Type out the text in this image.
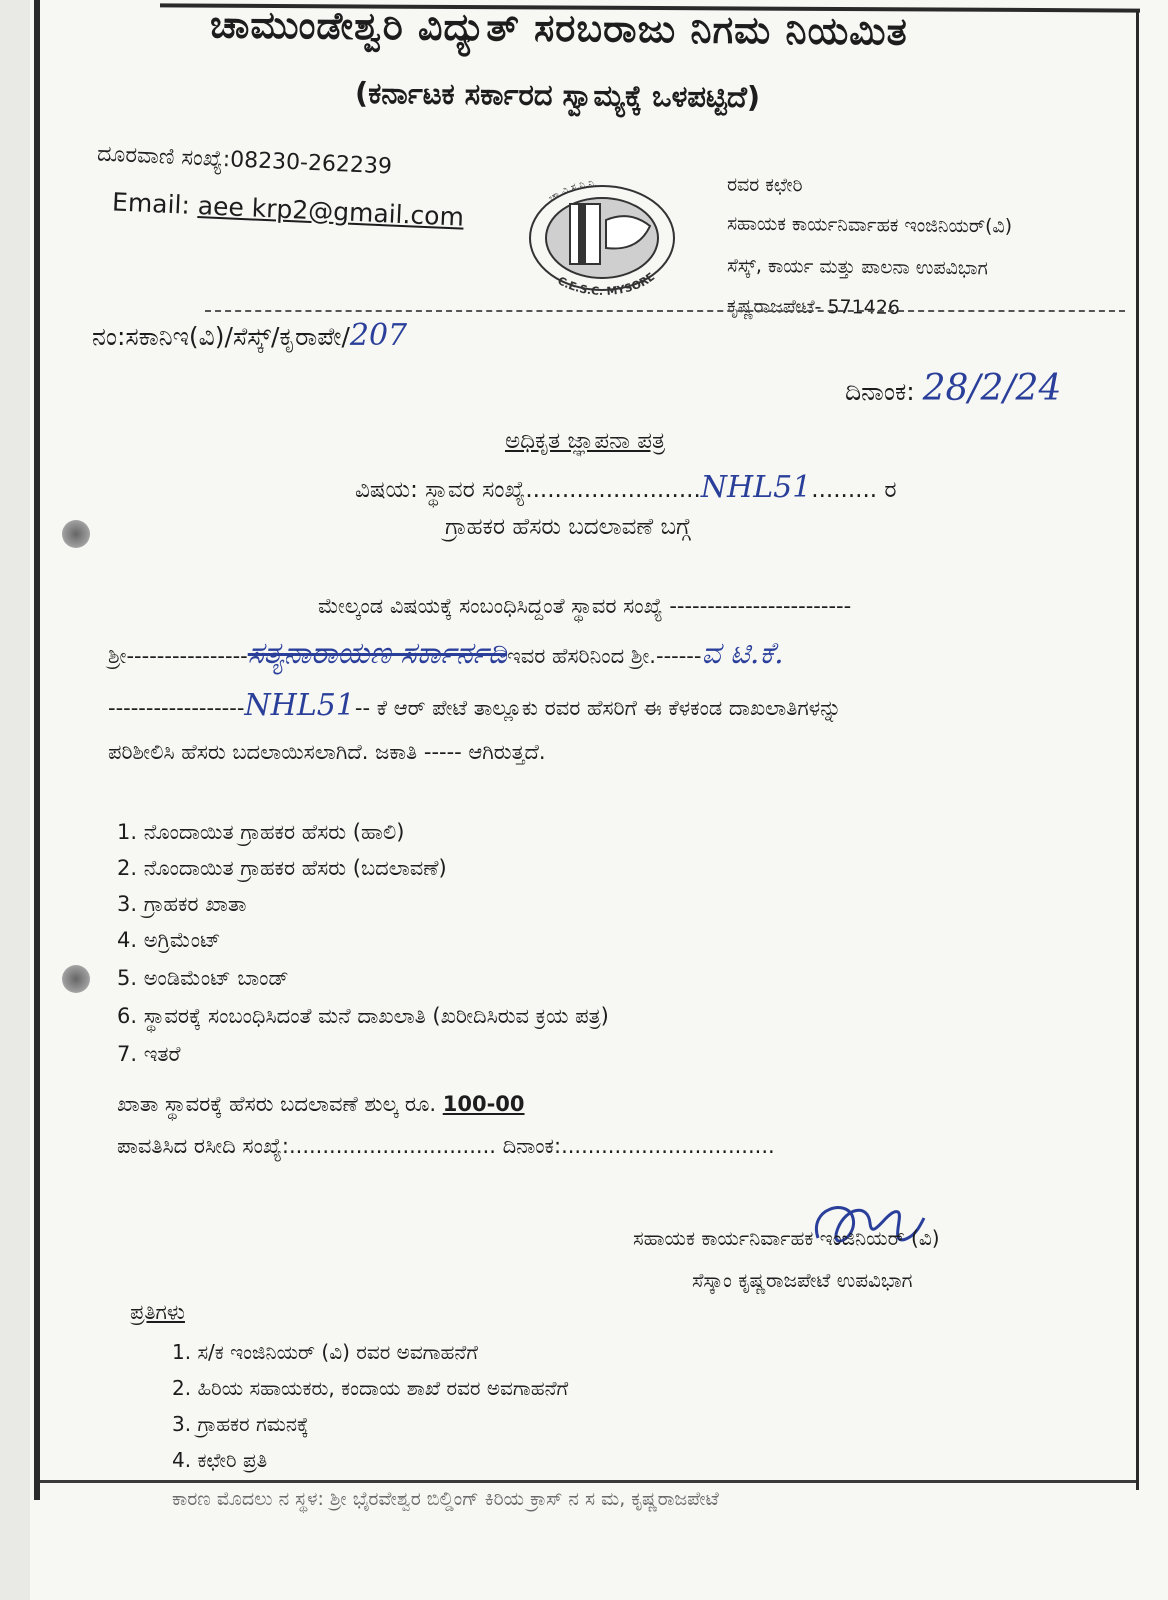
ಚಾಮುಂಡೇಶ್ವರಿ ವಿದ್ಯುತ್ ಸರಬರಾಜು ನಿಗಮ ನಿಯಮಿತ
(ಕರ್ನಾಟಕ ಸರ್ಕಾರದ ಸ್ವಾಮ್ಯಕ್ಕೆ ಒಳಪಟ್ಟಿದೆ)
ದೂರವಾಣಿ ಸಂಖ್ಯೆ:08230-262239
Email: aee krp2@gmail.com	ಚಾ.ವಿ.ಸ.ನಿ.ನಿ.
C.E.S.C. MYSORE
ರವರ ಕಛೇರಿ
ಸಹಾಯಕ ಕಾರ್ಯನಿರ್ವಾಹಕ ಇಂಜಿನಿಯರ್(ವಿ)
ಸೆಸ್ಕ್, ಕಾರ್ಯ ಮತ್ತು ಪಾಲನಾ ಉಪವಿಭಾಗ
ಕೃಷ್ಣರಾಜಪೇಟೆ- 571426
ನಂ:ಸಕಾನಿಇ(ವಿ)/ಸೆಸ್ಕ್/ಕೃರಾಪೇ/207
ದಿನಾಂಕ: 28/2/24
ಅಧಿಕೃತ ಜ್ಞಾಪನಾ ಪತ್ರ
ವಿಷಯ: ಸ್ಥಾವರ ಸಂಖ್ಯೆ........................NHL51......... ರ
ಗ್ರಾಹಕರ ಹೆಸರು ಬದಲಾವಣೆ ಬಗ್ಗೆ
ಮೇಲ್ಕಂಡ ವಿಷಯಕ್ಕೆ ಸಂಬಂಧಿಸಿದ್ದಂತೆ ಸ್ಥಾವರ ಸಂಖ್ಯೆ ------------------------
ಶ್ರೀ----------------ಸತ್ಯನಾರಾಯಣ ಸರ್ಕಾರ್ನಡಿಇವರ ಹೆಸರಿನಿಂದ ಶ್ರೀ.------ವ ಟಿ.ಕೆ.
------------------NHL51-- ಕೆ ಆರ್ ಪೇಟೆ ತಾಲ್ಲೂಕು ರವರ ಹೆಸರಿಗೆ ಈ ಕೆಳಕಂಡ ದಾಖಲಾತಿಗಳನ್ನು
ಪರಿಶೀಲಿಸಿ ಹೆಸರು ಬದಲಾಯಿಸಲಾಗಿದೆ. ಜಕಾತಿ ----- ಆಗಿರುತ್ತದೆ.
1. ನೊಂದಾಯಿತ ಗ್ರಾಹಕರ ಹೆಸರು (ಹಾಲಿ)
2. ನೊಂದಾಯಿತ ಗ್ರಾಹಕರ ಹೆಸರು (ಬದಲಾವಣೆ)
3. ಗ್ರಾಹಕರ ಖಾತಾ
4. ಅಗ್ರಿಮೆಂಟ್
5. ಅಂಡಿಮೆಂಟ್ ಬಾಂಡ್
6. ಸ್ಥಾವರಕ್ಕೆ ಸಂಬಂಧಿಸಿದಂತೆ ಮನೆ ದಾಖಲಾತಿ (ಖರೀದಿಸಿರುವ ಕ್ರಯ ಪತ್ರ)
7. ಇತರೆ
ಖಾತಾ ಸ್ಥಾವರಕ್ಕೆ ಹೆಸರು ಬದಲಾವಣೆ ಶುಲ್ಕ ರೂ. 100-00
ಪಾವತಿಸಿದ ರಸೀದಿ ಸಂಖ್ಯೆ:............................... ದಿನಾಂಕ:................................
ಸಹಾಯಕ ಕಾರ್ಯನಿರ್ವಾಹಕ ಇಂಜಿನಿಯರ್ (ವಿ)
ಸೆಸ್ಕಾಂ ಕೃಷ್ಣರಾಜಪೇಟೆ ಉಪವಿಭಾಗ
ಪ್ರತಿಗಳು
1. ಸ/ಕ ಇಂಜಿನಿಯರ್ (ವಿ) ರವರ ಅವಗಾಹನೆಗೆ
2. ಹಿರಿಯ ಸಹಾಯಕರು, ಕಂದಾಯ ಶಾಖೆ ರವರ ಅವಗಾಹನೆಗೆ
3. ಗ್ರಾಹಕರ ಗಮನಕ್ಕೆ
4. ಕಛೇರಿ ಪ್ರತಿ
ಕಾರಣ ಮೊದಲು ನ ಸ್ಥಳ: ಶ್ರೀ ಭೈರವೇಶ್ವರ ಬಿಲ್ಡಿಂಗ್ ಕಿರಿಯ ಕ್ರಾಸ್ ನ ಸ ಮ, ಕೃಷ್ಣರಾಜಪೇಟೆ
